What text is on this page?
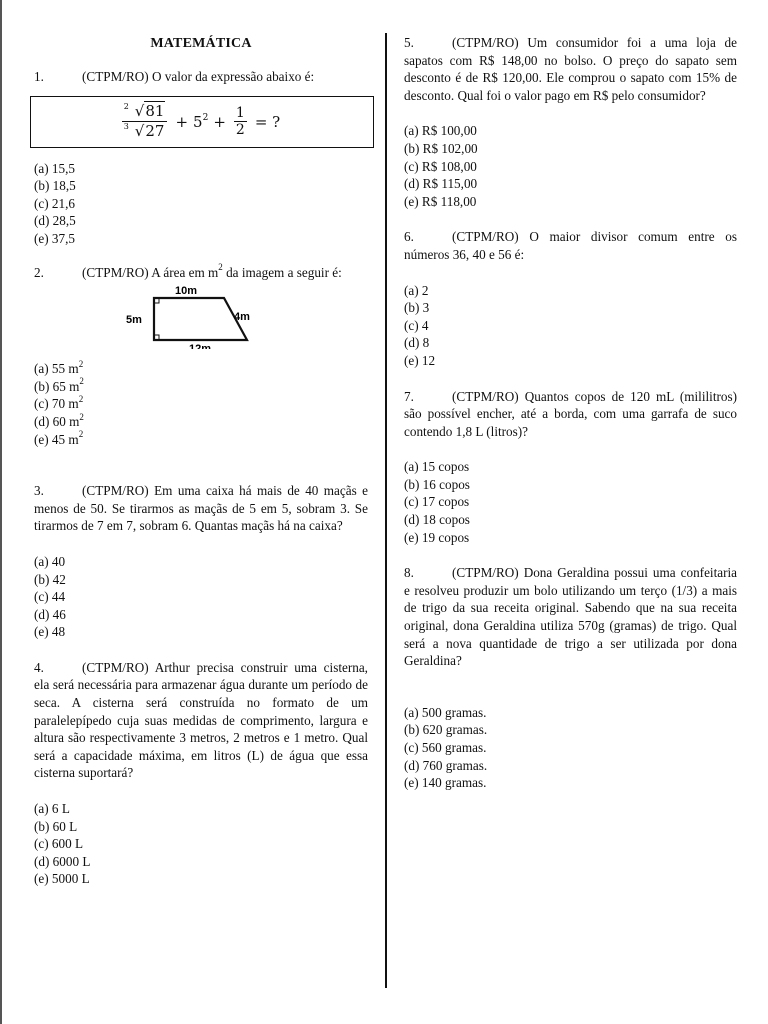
MATEMÁTICA
1.	(CTPM/RO) O valor da expressão abaixo é:
$\frac{2 √81}{3 √27} + 5^2 + \frac{1}{2}$ = ?
(a) 15,5
(b) 18,5
(c) 21,6
(d) 28,5
(e) 37,5
2.	(CTPM/RO) A área em $m^2$ da imagem a seguir é:
10m
5m	4m
12m
(a) 55 $m^2$
(b) 65 $m^2$
(c) 70 $m^2$
(d) 60 $m^2$
(e) 45 $m^2$
3.	(CTPM/RO) Em uma caixa há mais de 40 maçãs e menos de 50. Se tirarmos as maçãs de 5 em 5, sobram 3. Se tirarmos de 7 em 7, sobram 6. Quantas maçãs há na caixa?
(a) 40
(b) 42
(c) 44
(d) 46
(e) 48
4.	(CTPM/RO) Arthur precisa construir uma cisterna, ela será necessária para armazenar água durante um período de seca. A cisterna será construída no formato de um paralelepípedo cuja suas medidas de comprimento, largura e altura são respectivamente 3 metros, 2 metros e 1 metro. Qual será a capacidade máxima, em litros (L) de água que essa cisterna suportará?
(a) 6 L
(b) 60 L
(c) 600 L
(d) 6000 L
(e) 5000 L
5.	(CTPM/RO) Um consumidor foi a uma loja de sapatos com R$ 148,00 no bolso. O preço do sapato sem desconto é de R$ 120,00. Ele comprou o sapato com 15% de desconto. Qual foi o valor pago em R$ pelo consumidor?
(a) R$ 100,00
(b) R$ 102,00
(c) R$ 108,00
(d) R$ 115,00
(e) R$ 118,00
6.	(CTPM/RO) O maior divisor comum entre os números 36, 40 e 56 é:
(a) 2
(b) 3
(c) 4
(d) 8
(e) 12
7.	(CTPM/RO) Quantos copos de 120 mL (mililitros) são possível encher, até a borda, com uma garrafa de suco contendo 1,8 L (litros)?
(a) 15 copos
(b) 16 copos
(c) 17 copos
(d) 18 copos
(e) 19 copos
8.	(CTPM/RO) Dona Geraldina possui uma confeitaria e resolveu produzir um bolo utilizando um terço (1/3) a mais de trigo da sua receita original. Sabendo que na sua receita original, dona Geraldina utiliza 570g (gramas) de trigo. Qual será a nova quantidade de trigo a ser utilizada por dona Geraldina?
(a) 500 gramas.
(b) 620 gramas.
(c) 560 gramas.
(d) 760 gramas.
(e) 140 gramas.
